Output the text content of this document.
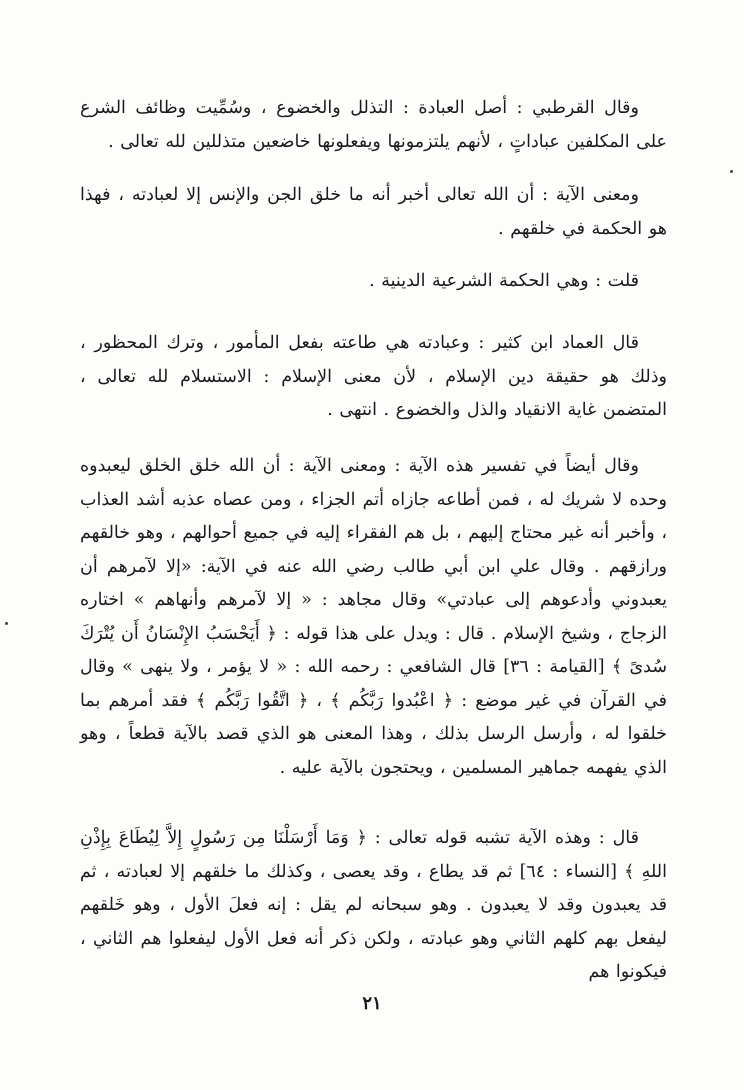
وقال القرطبي : أصل العبادة : التذلل والخضوع ، وسُمِّيت وظائف الشرع على المكلفين عباداتٍ ، لأنهم يلتزمونها ويفعلونها خاضعين متذللين لله تعالى .

ومعنى الآية : أن الله تعالى أخبر أنه ما خلق الجن والإنس إلا لعبادته ، فهذا هو الحكمة في خلقهم .

قلت : وهي الحكمة الشرعية الدينية .

قال العماد ابن كثير : وعبادته هي طاعته بفعل المأمور ، وترك المحظور ، وذلك هو حقيقة دين الإسلام ، لأن معنى الإسلام : الاستسلام لله تعالى ، المتضمن غاية الانقياد والذل والخضوع . انتهى .

وقال أيضاً في تفسير هذه الآية : ومعنى الآية : أن الله خلق الخلق ليعبدوه وحده لا شريك له ، فمن أطاعه جازاه أتم الجزاء ، ومن عصاه عذبه أشد العذاب ، وأخبر أنه غير محتاج إليهم ، بل هم الفقراء إليه في جميع أحوالهم ، وهو خالقهم ورازقهم . وقال علي ابن أبي طالب رضي الله عنه في الآية: «إلا لآمرهم أن يعبدوني وأدعوهم إلى عبادتي» وقال مجاهد : « إلا لآمرهم وأنهاهم » اختاره الزجاج ، وشيخ الإسلام . قال : ويدل على هذا قوله : ﴿ أَيَحْسَبُ الإِنْسَانُ أَن يُتْرَكَ سُدىً ﴾ [القيامة : ٣٦] قال الشافعي : رحمه الله : « لا يؤمر ، ولا ينهى » وقال في القرآن في غير موضع : ﴿ اعْبُدوا رَبَّكُم ﴾ ، ﴿ اتَّقُوا رَبَّكُم ﴾ فقد أمرهم بما خلقوا له ، وأرسل الرسل بذلك ، وهذا المعنى هو الذي قصد بالآية قطعاً ، وهو الذي يفهمه جماهير المسلمين ، ويحتجون بالآية عليه .

قال : وهذه الآية تشبه قوله تعالى : ﴿ وَمَا أَرْسَلْنَا مِن رَسُولٍ إِلاَّ لِيُطَاعَ بِإِذْنِ اللهِ ﴾ [النساء : ٦٤] ثم قد يطاع ، وقد يعصى ، وكذلك ما خلقهم إلا لعبادته ، ثم قد يعبدون وقد لا يعبدون . وهو سبحانه لم يقل : إنه فعلَ الأول ، وهو خَلقهم ليفعل بهم كلهم الثاني وهو عبادته ، ولكن ذكر أنه فعل الأول ليفعلوا هم الثاني ، فيكونوا هم

٢١
